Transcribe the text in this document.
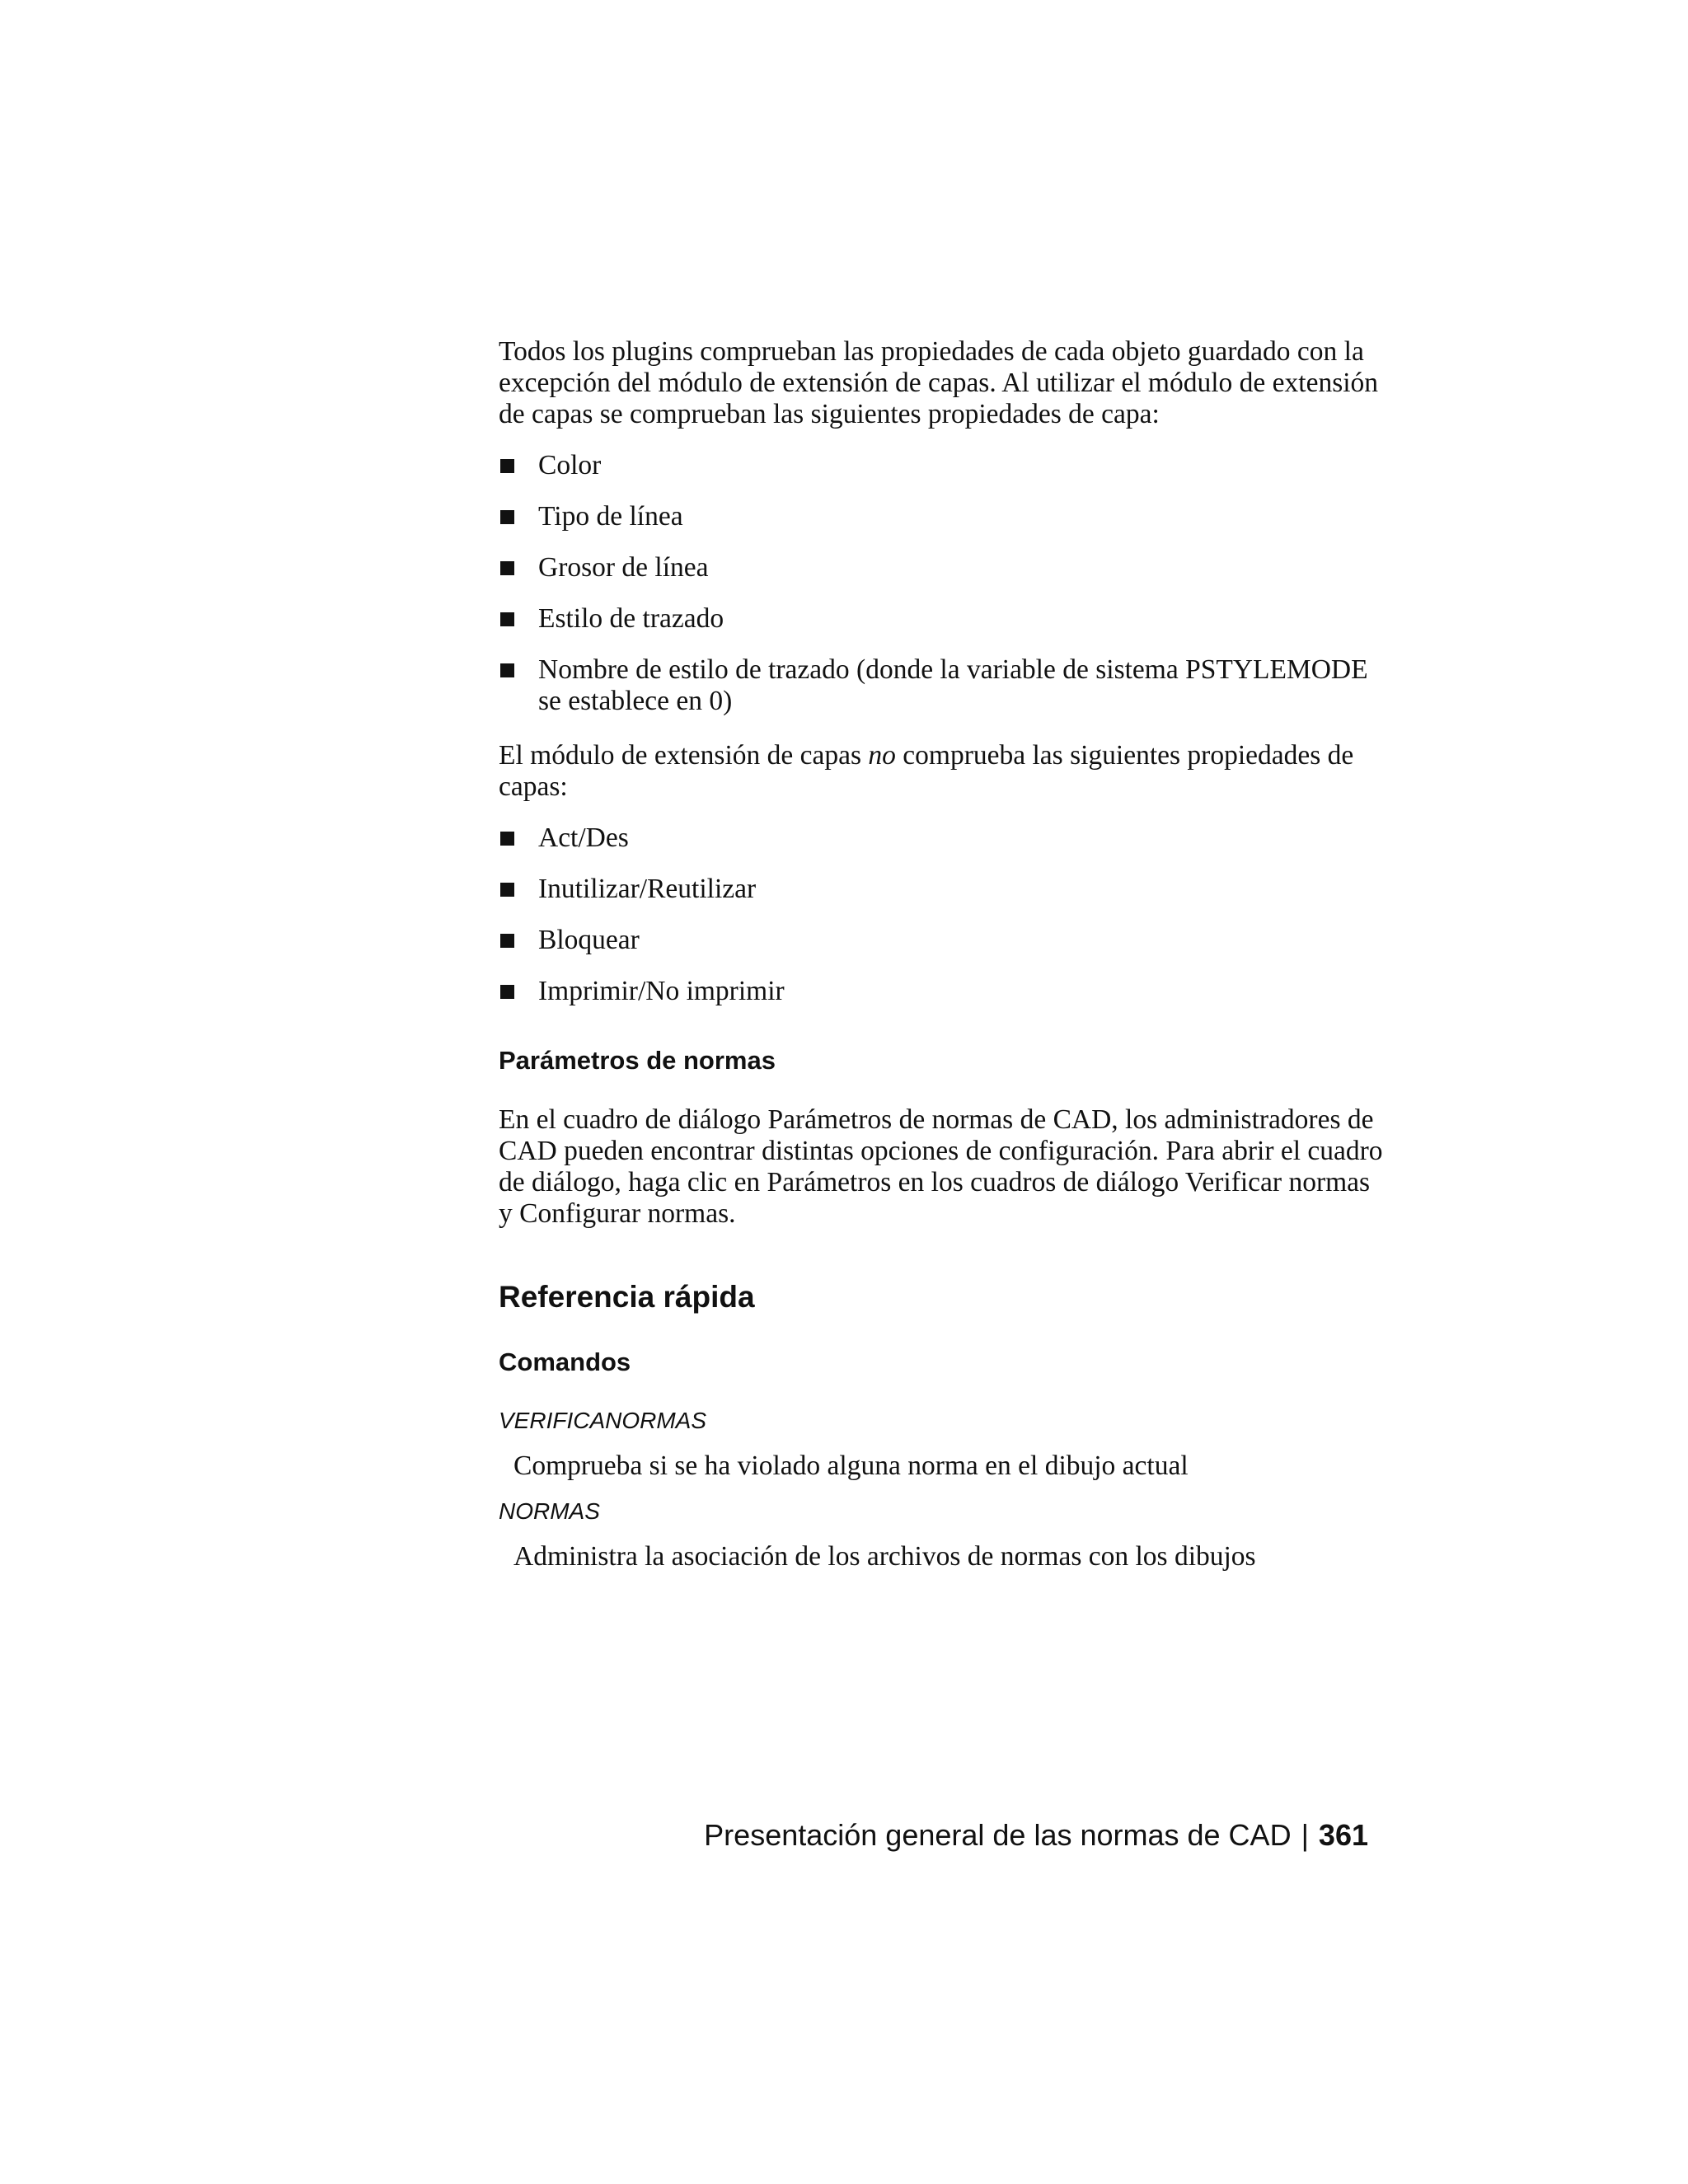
Todos los plugins comprueban las propiedades de cada objeto guardado con la excepción del módulo de extensión de capas. Al utilizar el módulo de extensión de capas se comprueban las siguientes propiedades de capa:

Color
Tipo de línea
Grosor de línea
Estilo de trazado
Nombre de estilo de trazado (donde la variable de sistema PSTYLEMODE se establece en 0)

El módulo de extensión de capas no comprueba las siguientes propiedades de capas:

Act/Des
Inutilizar/Reutilizar
Bloquear
Imprimir/No imprimir
Parámetros de normas

En el cuadro de diálogo Parámetros de normas de CAD, los administradores de CAD pueden encontrar distintas opciones de configuración. Para abrir el cuadro de diálogo, haga clic en Parámetros en los cuadros de diálogo Verificar normas y Configurar normas.

Referencia rápida
Comandos
VERIFICANORMAS

Comprueba si se ha violado alguna norma en el dibujo actual

NORMAS

Administra la asociación de los archivos de normas con los dibujos

Presentación general de las normas de CAD | 361
